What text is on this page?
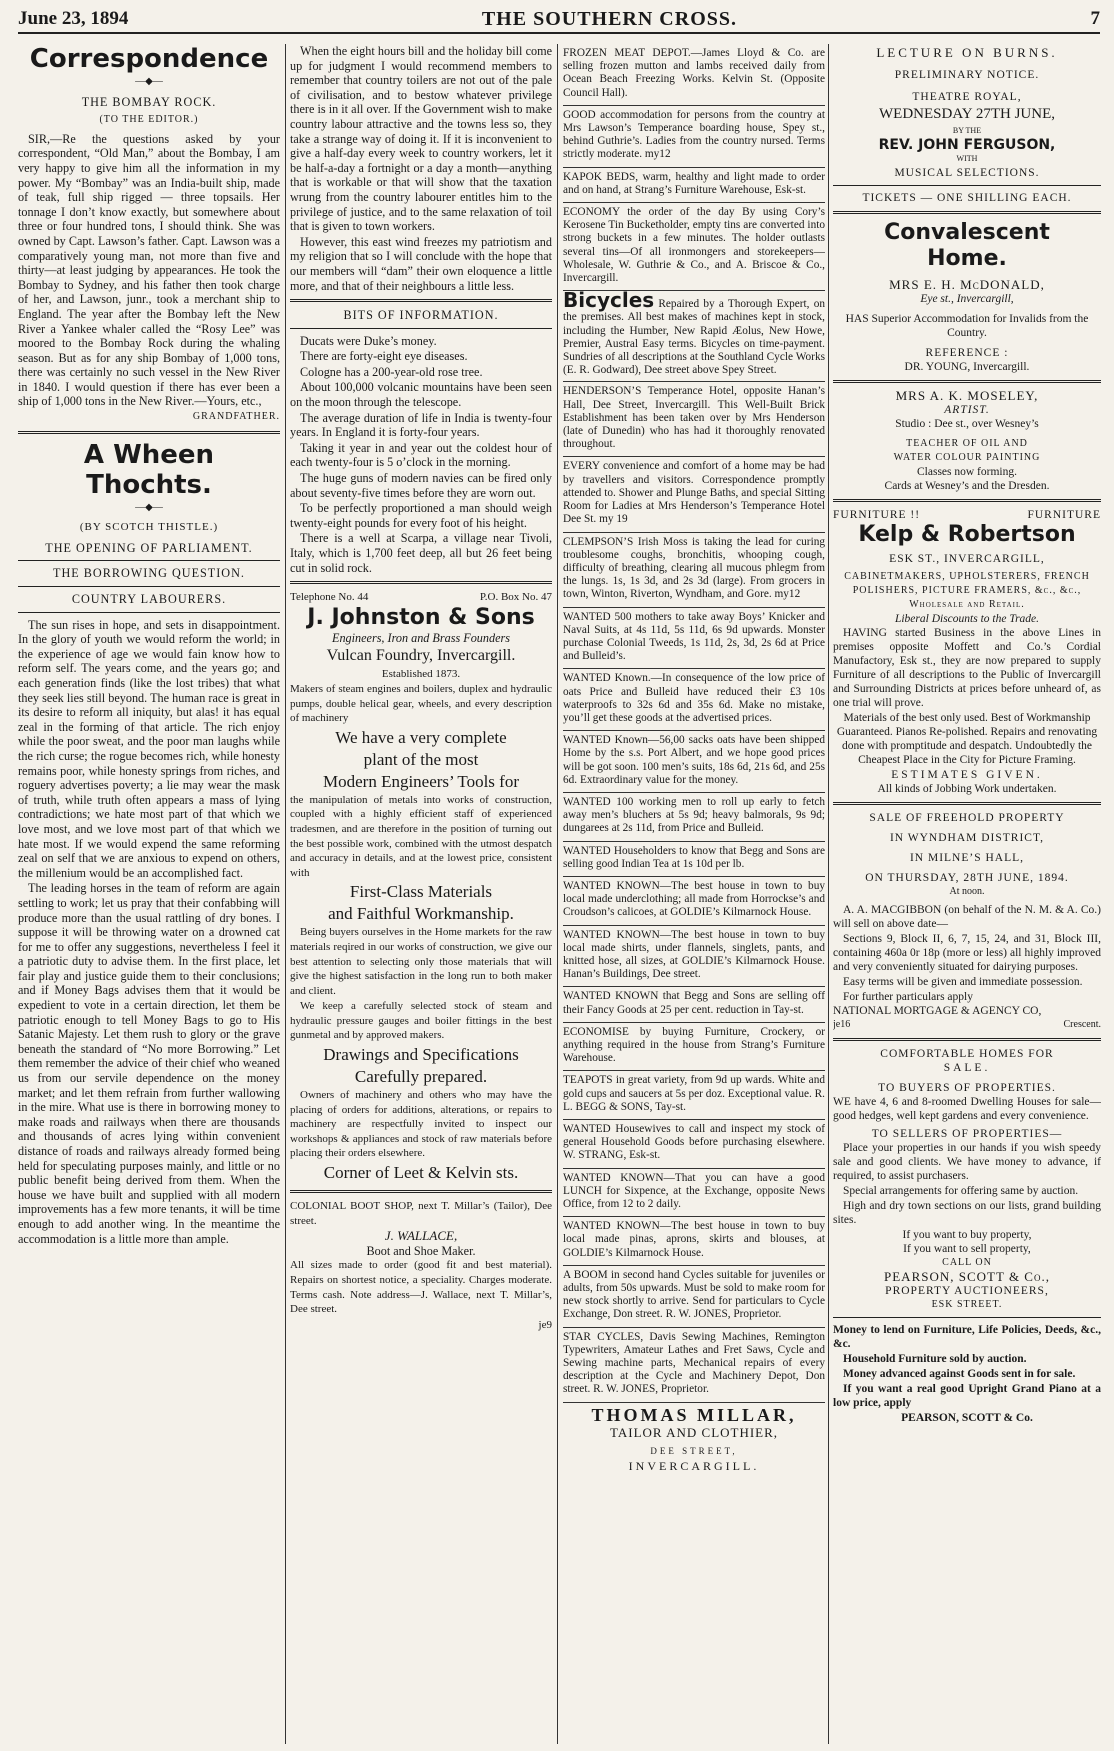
June 23, 1894	THE SOUTHERN CROSS.	7
Correspondence
—◆—
THE BOMBAY ROCK.
(TO THE EDITOR.)

SIR,—Re the questions asked by your correspondent, “Old Man,” about the Bombay, I am very happy to give him all the information in my power. My “Bombay” was an India-built ship, made of teak, full ship rigged — three topsails. Her tonnage I don’t know exactly, but somewhere about three or four hundred tons, I should think. She was owned by Capt. Lawson’s father. Capt. Lawson was a comparatively young man, not more than five and thirty—at least judging by appearances. He took the Bombay to Sydney, and his father then took charge of her, and Lawson, junr., took a merchant ship to England. The year after the Bombay left the New River a Yankee whaler called the “Rosy Lee” was moored to the Bombay Rock during the whaling season. But as for any ship Bombay of 1,000 tons, there was certainly no such vessel in the New River in 1840. I would question if there has ever been a ship of 1,000 tons in the New River.—Yours, etc.,

GRANDFATHER.
A Wheen Thochts.
—◆—
(BY SCOTCH THISTLE.)
THE OPENING OF PARLIAMENT.
THE BORROWING QUESTION.
COUNTRY LABOURERS.

The sun rises in hope, and sets in disappointment. In the glory of youth we would reform the world; in the experience of age we would fain know how to reform self. The years come, and the years go; and each generation finds (like the lost tribes) that what they seek lies still beyond. The human race is great in its desire to reform all iniquity, but alas! it has equal zeal in the forming of that article. The rich enjoy while the poor sweat, and the poor man laughs while the rich curse; the rogue becomes rich, while honesty remains poor, while honesty springs from riches, and roguery advertises poverty; a lie may wear the mask of truth, while truth often appears a mass of lying contradictions; we hate most part of that which we love most, and we love most part of that which we hate most. If we would expend the same reforming zeal on self that we are anxious to expend on others, the millenium would be an accomplished fact.

The leading horses in the team of reform are again settling to work; let us pray that their confabbing will produce more than the usual rattling of dry bones. I suppose it will be throwing water on a drowned cat for me to offer any suggestions, nevertheless I feel it a patriotic duty to advise them. In the first place, let fair play and justice guide them to their conclusions; and if Money Bags advises them that it would be expedient to vote in a certain direction, let them be patriotic enough to tell Money Bags to go to His Satanic Majesty. Let them rush to glory or the grave beneath the standard of “No more Borrowing.” Let them remember the advice of their chief who weaned us from our servile dependence on the money market; and let them refrain from further wallowing in the mire. What use is there in borrowing money to make roads and railways when there are thousands and thousands of acres lying within convenient distance of roads and railways already formed being held for speculating purposes mainly, and little or no public benefit being derived from them. When the house we have built and supplied with all modern improvements has a few more tenants, it will be time enough to add another wing. In the meantime the accommodation is a little more than ample.

When the eight hours bill and the holiday bill come up for judgment I would recommend members to remember that country toilers are not out of the pale of civilisation, and to bestow whatever privilege there is in it all over. If the Government wish to make country labour attractive and the towns less so, they take a strange way of doing it. If it is inconvenient to give a half-day every week to country workers, let it be half-a-day a fortnight or a day a month—anything that is workable or that will show that the taxation wrung from the country labourer entitles him to the privilege of justice, and to the same relaxation of toil that is given to town workers.

However, this east wind freezes my patriotism and my religion that so I will conclude with the hope that our members will “dam” their own eloquence a little more, and that of their neighbours a little less.

BITS OF INFORMATION.

Ducats were Duke’s money.

There are forty-eight eye diseases.

Cologne has a 200-year-old rose tree.

About 100,000 volcanic mountains have been seen on the moon through the telescope.

The average duration of life in India is twenty-four years. In England it is forty-four years.

Taking it year in and year out the coldest hour of each twenty-four is 5 o’clock in the morning.

The huge guns of modern navies can be fired only about seventy-five times before they are worn out.

To be perfectly proportioned a man should weigh twenty-eight pounds for every foot of his height.

There is a well at Scarpa, a village near Tivoli, Italy, which is 1,700 feet deep, all but 26 feet being cut in solid rock.

Telephone No. 44	P.O. Box No. 47
J. Johnston & Sons
Engineers, Iron and Brass Founders
Vulcan Foundry, Invercargill.
Established 1873.

Makers of steam engines and boilers, duplex and hydraulic pumps, double helical gear, wheels, and every description of machinery

We have a very complete
plant of the most
Modern Engineers’ Tools for

the manipulation of metals into works of construction, coupled with a highly efficient staff of experienced tradesmen, and are therefore in the position of turning out the best possible work, combined with the utmost despatch and accuracy in details, and at the lowest price, consistent with

First-Class Materials
and Faithful Workmanship.

Being buyers ourselves in the Home markets for the raw materials reqired in our works of construction, we give our best attention to selecting only those materials that will give the highest satisfaction in the long run to both maker and client.

We keep a carefully selected stock of steam and hydraulic pressure gauges and boiler fittings in the best gunmetal and by approved makers.

Drawings and Specifications
Carefully prepared.

Owners of machinery and others who may have the placing of orders for additions, alterations, or repairs to machinery are respectfully invited to inspect our workshops & appliances and stock of raw materials before placing their orders elsewhere.

Corner of Leet & Kelvin sts.

COLONIAL BOOT SHOP, next T. Millar’s (Tailor), Dee street.

J. WALLACE,
Boot and Shoe Maker.

All sizes made to order (good fit and best material). Repairs on shortest notice, a speciality. Charges moderate. Terms cash. Note address—J. Wallace, next T. Millar’s, Dee street.

je9

FROZEN MEAT DEPOT.—James Lloyd & Co. are selling frozen mutton and lambs received daily from Ocean Beach Freezing Works. Kelvin St. (Opposite Council Hall).

GOOD accommodation for persons from the country at Mrs Lawson’s Temperance boarding house, Spey st., behind Guthrie’s. Ladies from the country nursed. Terms strictly moderate. my12

KAPOK BEDS, warm, healthy and light made to order and on hand, at Strang’s Furniture Warehouse, Esk-st.

ECONOMY the order of the day By using Cory’s Kerosene Tin Bucketholder, empty tins are converted into strong buckets in a few minutes. The holder outlasts several tins—Of all ironmongers and storekeepers—Wholesale, W. Guthrie & Co., and A. Briscoe & Co., Invercargill.

Bicycles Repaired by a Thorough Expert, on the premises. All best makes of machines kept in stock, including the Humber, New Rapid Æolus, New Howe, Premier, Austral Easy terms. Bicycles on time-payment. Sundries of all descriptions at the Southland Cycle Works (E. R. Godward), Dee street above Spey Street.

HENDERSON’S Temperance Hotel, opposite Hanan’s Hall, Dee Street, Invercargill. This Well-Built Brick Establishment has been taken over by Mrs Henderson (late of Dunedin) who has had it thoroughly renovated throughout.

EVERY convenience and comfort of a home may be had by travellers and visitors. Correspondence promptly attended to. Shower and Plunge Baths, and special Sitting Room for Ladies at Mrs Henderson’s Temperance Hotel Dee St. my 19

CLEMPSON’S Irish Moss is taking the lead for curing troublesome coughs, bronchitis, whooping cough, difficulty of breathing, clearing all mucous phlegm from the lungs. 1s, 1s 3d, and 2s 3d (large). From grocers in town, Winton, Riverton, Wyndham, and Gore. my12

WANTED 500 mothers to take away Boys’ Knicker and Naval Suits, at 4s 11d, 5s 11d, 6s 9d upwards. Monster purchase Colonial Tweeds, 1s 11d, 2s, 3d, 2s 6d at Price and Bulleid’s.

WANTED Known.—In consequence of the low price of oats Price and Bulleid have reduced their £3 10s waterproofs to 32s 6d and 35s 6d. Make no mistake, you’ll get these goods at the advertised prices.

WANTED Known—56,00 sacks oats have been shipped Home by the s.s. Port Albert, and we hope good prices will be got soon. 100 men’s suits, 18s 6d, 21s 6d, and 25s 6d. Extraordinary value for the money.

WANTED 100 working men to roll up early to fetch away men’s bluchers at 5s 9d; heavy balmorals, 9s 9d; dungarees at 2s 11d, from Price and Bulleid.

WANTED Householders to know that Begg and Sons are selling good Indian Tea at 1s 10d per lb.

WANTED KNOWN—The best house in town to buy local made underclothing; all made from Horrockse’s and Croudson’s calicoes, at GOLDIE’s Kilmarnock House.

WANTED KNOWN—The best house in town to buy local made shirts, under flannels, singlets, pants, and knitted hose, all sizes, at GOLDIE’s Kilmarnock House. Hanan’s Buildings, Dee street.

WANTED KNOWN that Begg and Sons are selling off their Fancy Goods at 25 per cent. reduction in Tay-st.

ECONOMISE by buying Furniture, Crockery, or anything required in the house from Strang’s Furniture Warehouse.

TEAPOTS in great variety, from 9d up wards. White and gold cups and saucers at 5s per doz. Exceptional value. R. L. BEGG & SONS, Tay-st.

WANTED Housewives to call and inspect my stock of general Household Goods before purchasing elsewhere. W. STRANG, Esk-st.

WANTED KNOWN—That you can have a good LUNCH for Sixpence, at the Exchange, opposite News Office, from 12 to 2 daily.

WANTED KNOWN—The best house in town to buy local made pinas, aprons, skirts and blouses, at GOLDIE’s Kilmarnock House.

A BOOM in second hand Cycles suitable for juveniles or adults, from 50s upwards. Must be sold to make room for new stock shortly to arrive. Send for particulars to Cycle Exchange, Don street. R. W. JONES, Proprietor.

STAR CYCLES, Davis Sewing Machines, Remington Typewriters, Amateur Lathes and Fret Saws, Cycle and Sewing machine parts, Mechanical repairs of every description at the Cycle and Machinery Depot, Don street. R. W. JONES, Proprietor.

THOMAS MILLAR,
TAILOR AND CLOTHIER,
DEE STREET,
INVERCARGILL.
LECTURE ON BURNS.
PRELIMINARY NOTICE.
THEATRE ROYAL,
WEDNESDAY 27TH JUNE,
BY THE
REV. JOHN FERGUSON,
WITH
MUSICAL SELECTIONS.
TICKETS — ONE SHILLING EACH.
Convalescent
Home.
MRS E. H. McDONALD,
Eye st., Invercargill,
HAS Superior Accommodation for Invalids from the Country.
REFERENCE :
DR. YOUNG, Invercargill.
MRS A. K. MOSELEY,
ARTIST.
Studio : Dee st., over Wesney’s
TEACHER OF OIL AND
WATER COLOUR PAINTING
Classes now forming.
Cards at Wesney’s and the Dresden.
FURNITURE !!	FURNITURE
Kelp & Robertson
ESK ST., INVERCARGILL,
CABINETMAKERS, UPHOLSTERERS, FRENCH POLISHERS, PICTURE FRAMERS, &c., &c., Wholesale and Retail.
Liberal Discounts to the Trade.

HAVING started Business in the above Lines in premises opposite Moffett and Co.’s Cordial Manufactory, Esk st., they are now prepared to supply Furniture of all descriptions to the Public of Invercargill and Surrounding Districts at prices before unheard of, as one trial will prove.

Materials of the best only used. Best of Workmanship Guaranteed. Pianos Re-polished. Repairs and renovating done with promptitude and despatch. Undoubtedly the Cheapest Place in the City for Picture Framing.

ESTIMATES GIVEN.
All kinds of Jobbing Work undertaken.
SALE OF FREEHOLD PROPERTY
IN WYNDHAM DISTRICT,
IN MILNE’S HALL,
ON THURSDAY, 28TH JUNE, 1894.
At noon.

A. A. MACGIBBON (on behalf of the N. M. & A. Co.) will sell on above date—

Sections 9, Block II, 6, 7, 15, 24, and 31, Block III, containing 460a 0r 18p (more or less) all highly improved and very conveniently situated for dairying purposes.

Easy terms will be given and immediate possession.

For further particulars apply
NATIONAL MORTGAGE & AGENCY CO,
je16	Crescent.
COMFORTABLE HOMES FOR
SALE.
TO BUYERS OF PROPERTIES.

WE have 4, 6 and 8-roomed Dwelling Houses for sale—good hedges, well kept gardens and every convenience.

TO SELLERS OF PROPERTIES—

Place your properties in our hands if you wish speedy sale and good clients. We have money to advance, if required, to assist purchasers.

Special arrangements for offering same by auction.

High and dry town sections on our lists, grand building sites.

If you want to buy property,
If you want to sell property,
CALL ON
PEARSON, SCOTT & Co.,
PROPERTY AUCTIONEERS,
ESK STREET.

Money to lend on Furniture, Life Policies, Deeds, &c., &c.

Household Furniture sold by auction.

Money advanced against Goods sent in for sale.

If you want a real good Upright Grand Piano at a low price, apply

PEARSON, SCOTT & Co.
